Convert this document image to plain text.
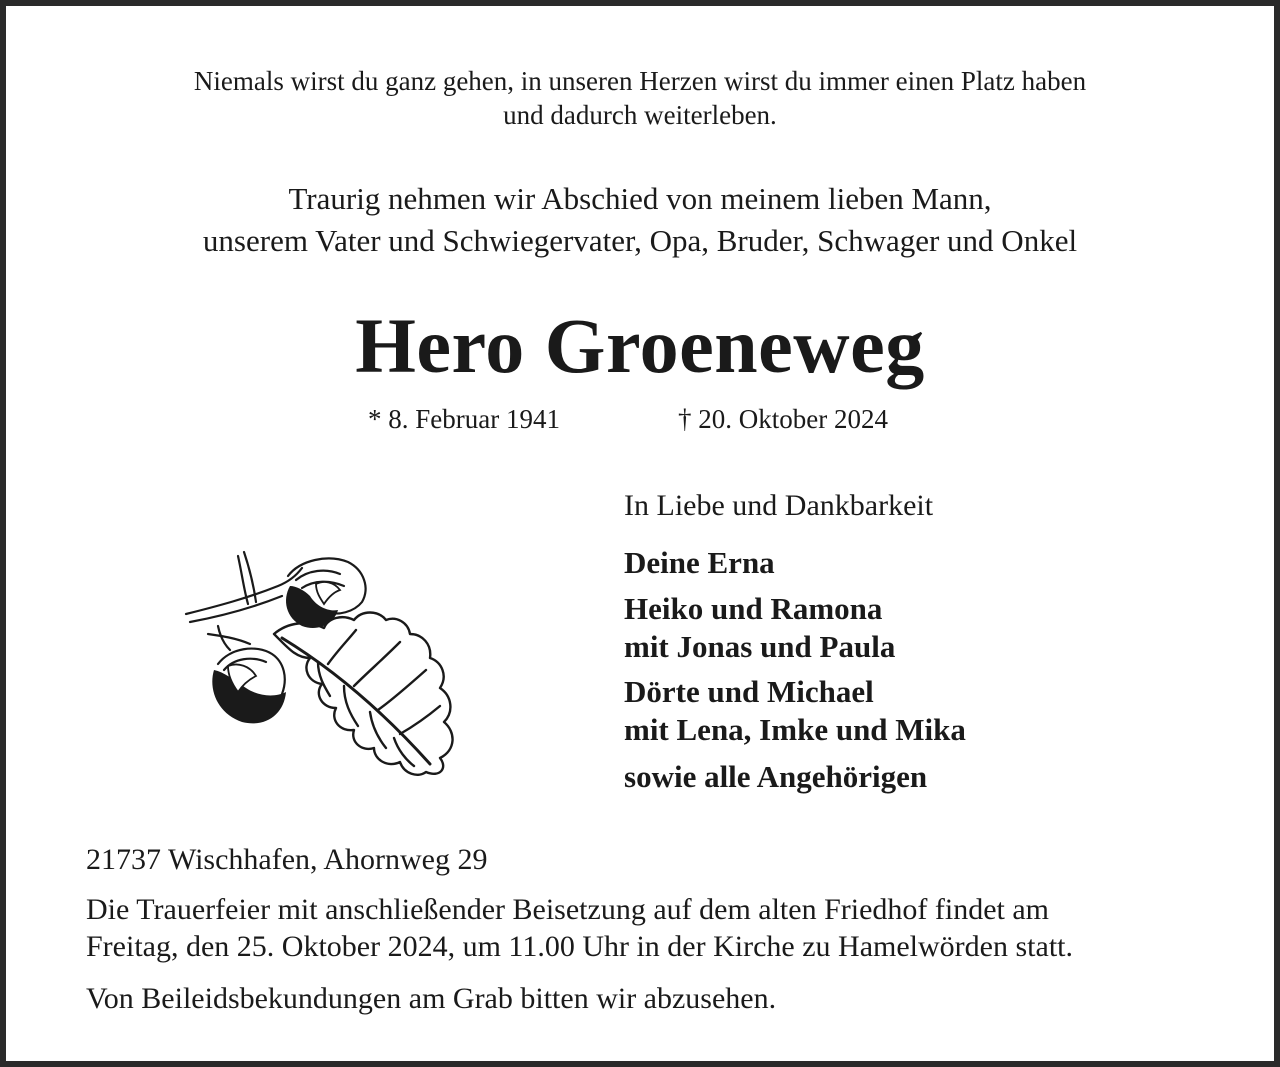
Niemals wirst du ganz gehen, in unseren Herzen wirst du immer einen Platz haben
und dadurch weiterleben.

Traurig nehmen wir Abschied von meinem lieben Mann,
unserem Vater und Schwiegervater, Opa, Bruder, Schwager und Onkel

Hero Groeneweg

* 8. Februar 1941	† 20. Oktober 2024

In Liebe und Dankbarkeit

Deine Erna

Heiko und Ramona
mit Jonas und Paula

Dörte und Michael
mit Lena, Imke und Mika

sowie alle Angehörigen

21737 Wischhafen, Ahornweg 29

Die Trauerfeier mit anschließender Beisetzung auf dem alten Friedhof findet am
Freitag, den 25. Oktober 2024, um 11.00 Uhr in der Kirche zu Hamelwörden statt.

Von Beileidsbekundungen am Grab bitten wir abzusehen.
